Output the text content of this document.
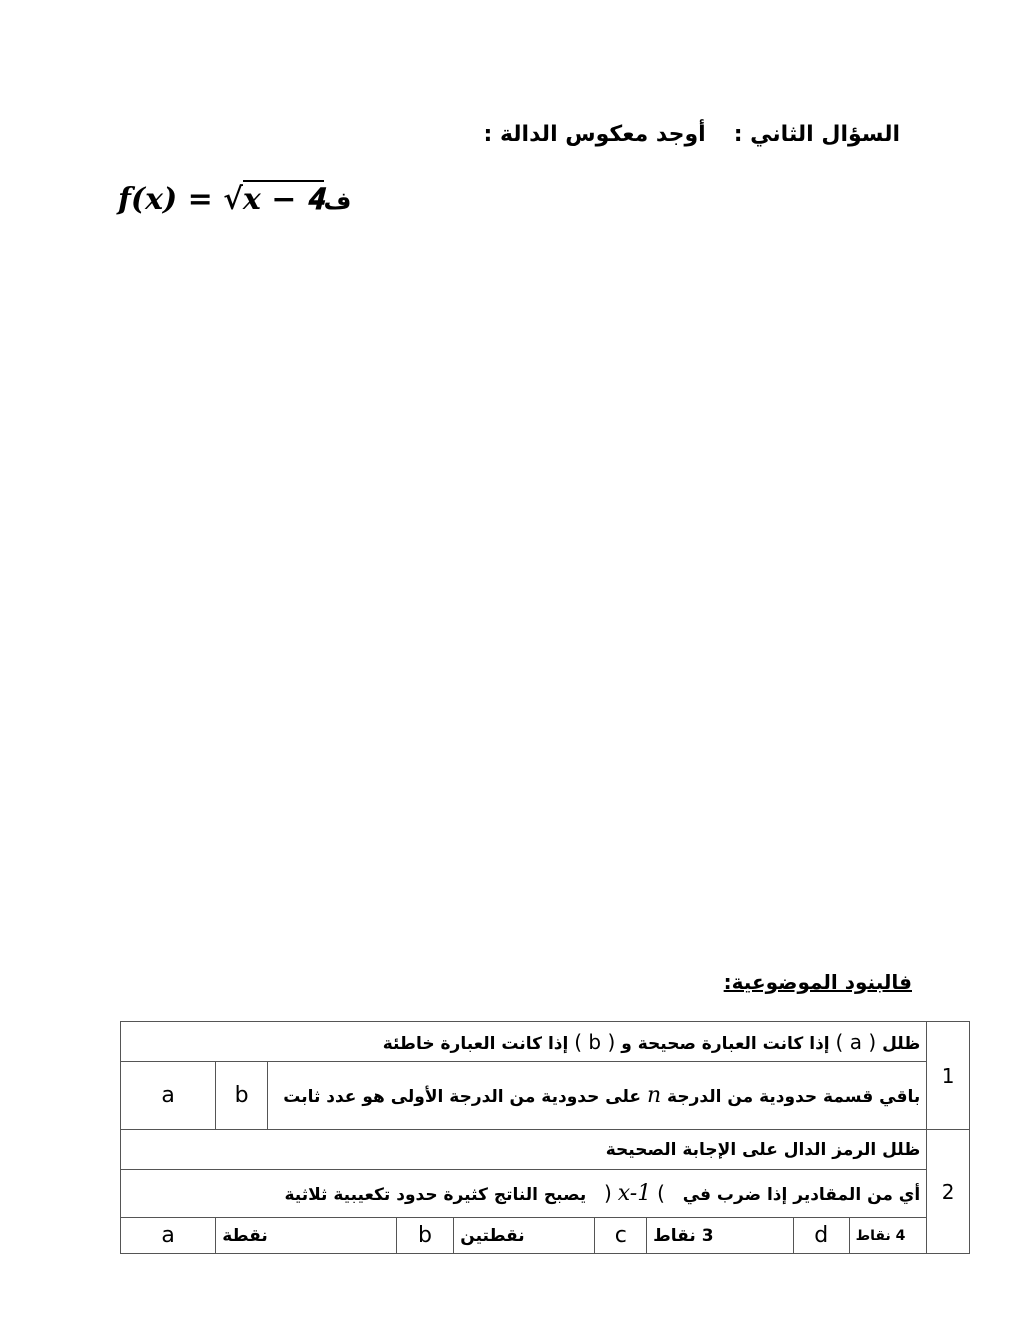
السؤال الثاني :أوجد معكوس الدالة :
𝒇(𝒙) = √𝒙 − 𝟒ف
فالبنود الموضوعية:
1	ظلل ( a ) إذا كانت العبارة صحيحة و ( b ) إذا كانت العبارة خاطئة								
	باقي قسمة حدودية من الدرجة n على حدودية من الدرجة الأولى هو عدد ثابت							b	a
2	ظلل الرمز الدال على الإجابة الصحيحة								
	أي من المقادير إذا ضرب في   ) x-1 (   يصبح الناتج كثيرة حدود تكعيبية ثلاثية								
	4 نقاط	d	3 نقاط	c	نقطتين	b	نقطة		a
